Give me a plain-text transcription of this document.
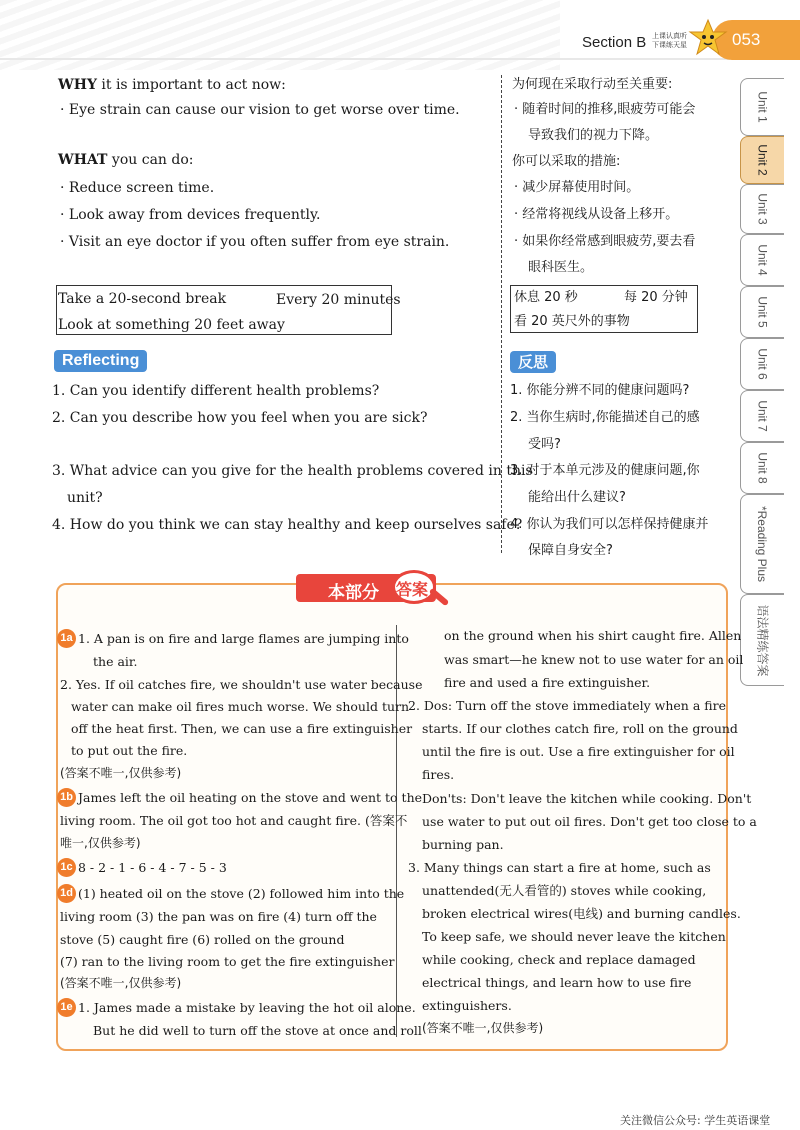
Section B 上课认真听 下课练天星	053
Unit 1
Unit 2
Unit 3
Unit 4
Unit 5
Unit 6
Unit 7
Unit 8
*Reading Plus
语法精练答案
WHY it is important to act now:
· Eye strain can cause our vision to get worse over time.
WHAT you can do:
· Reduce screen time.
· Look away from devices frequently.
· Visit an eye doctor if you often suffer from eye strain.
Take a 20-second break	Every 20 minutes
Look at something 20 feet away
Reflecting
1. Can you identify different health problems?
2. Can you describe how you feel when you are sick?
3. What advice can you give for the health problems covered in this
unit?
4. How do you think we can stay healthy and keep ourselves safe?
为何现在采取行动至关重要:
· 随着时间的推移,眼疲劳可能会
导致我们的视力下降。
你可以采取的措施:
· 减少屏幕使用时间。
· 经常将视线从设备上移开。
· 如果你经常感到眼疲劳,要去看
眼科医生。
休息 20 秒	每 20 分钟
看 20 英尺外的事物
反思
1. 你能分辨不同的健康问题吗?
2. 当你生病时,你能描述自己的感
受吗?
3. 对于本单元涉及的健康问题,你
能给出什么建议?
4. 你认为我们可以怎样保持健康并
保障自身安全?
本部分 答案
1a 1. A pan is on fire and large flames are jumping into
the air.
2. Yes. If oil catches fire, we shouldn't use water because
water can make oil fires much worse. We should turn
off the heat first. Then, we can use a fire extinguisher
to put out the fire.
(答案不唯一,仅供参考)
1b James left the oil heating on the stove and went to the
living room. The oil got too hot and caught fire. (答案不
唯一,仅供参考)
1c 8 - 2 - 1 - 6 - 4 - 7 - 5 - 3
1d (1) heated oil on the stove (2) followed him into the
living room (3) the pan was on fire (4) turn off the
stove (5) caught fire (6) rolled on the ground
(7) ran to the living room to get the fire extinguisher
(答案不唯一,仅供参考)
1e 1. James made a mistake by leaving the hot oil alone.
But he did well to turn off the stove at once and roll
on the ground when his shirt caught fire. Allen
was smart—he knew not to use water for an oil
fire and used a fire extinguisher.
2. Dos: Turn off the stove immediately when a fire
starts. If our clothes catch fire, roll on the ground
until the fire is out. Use a fire extinguisher for oil
fires.
Don'ts: Don't leave the kitchen while cooking. Don't
use water to put out oil fires. Don't get too close to a
burning pan.
3. Many things can start a fire at home, such as
unattended(无人看管的) stoves while cooking,
broken electrical wires(电线) and burning candles.
To keep safe, we should never leave the kitchen
while cooking, check and replace damaged
electrical things, and learn how to use fire
extinguishers.
(答案不唯一,仅供参考)
关注微信公众号: 学生英语课堂
